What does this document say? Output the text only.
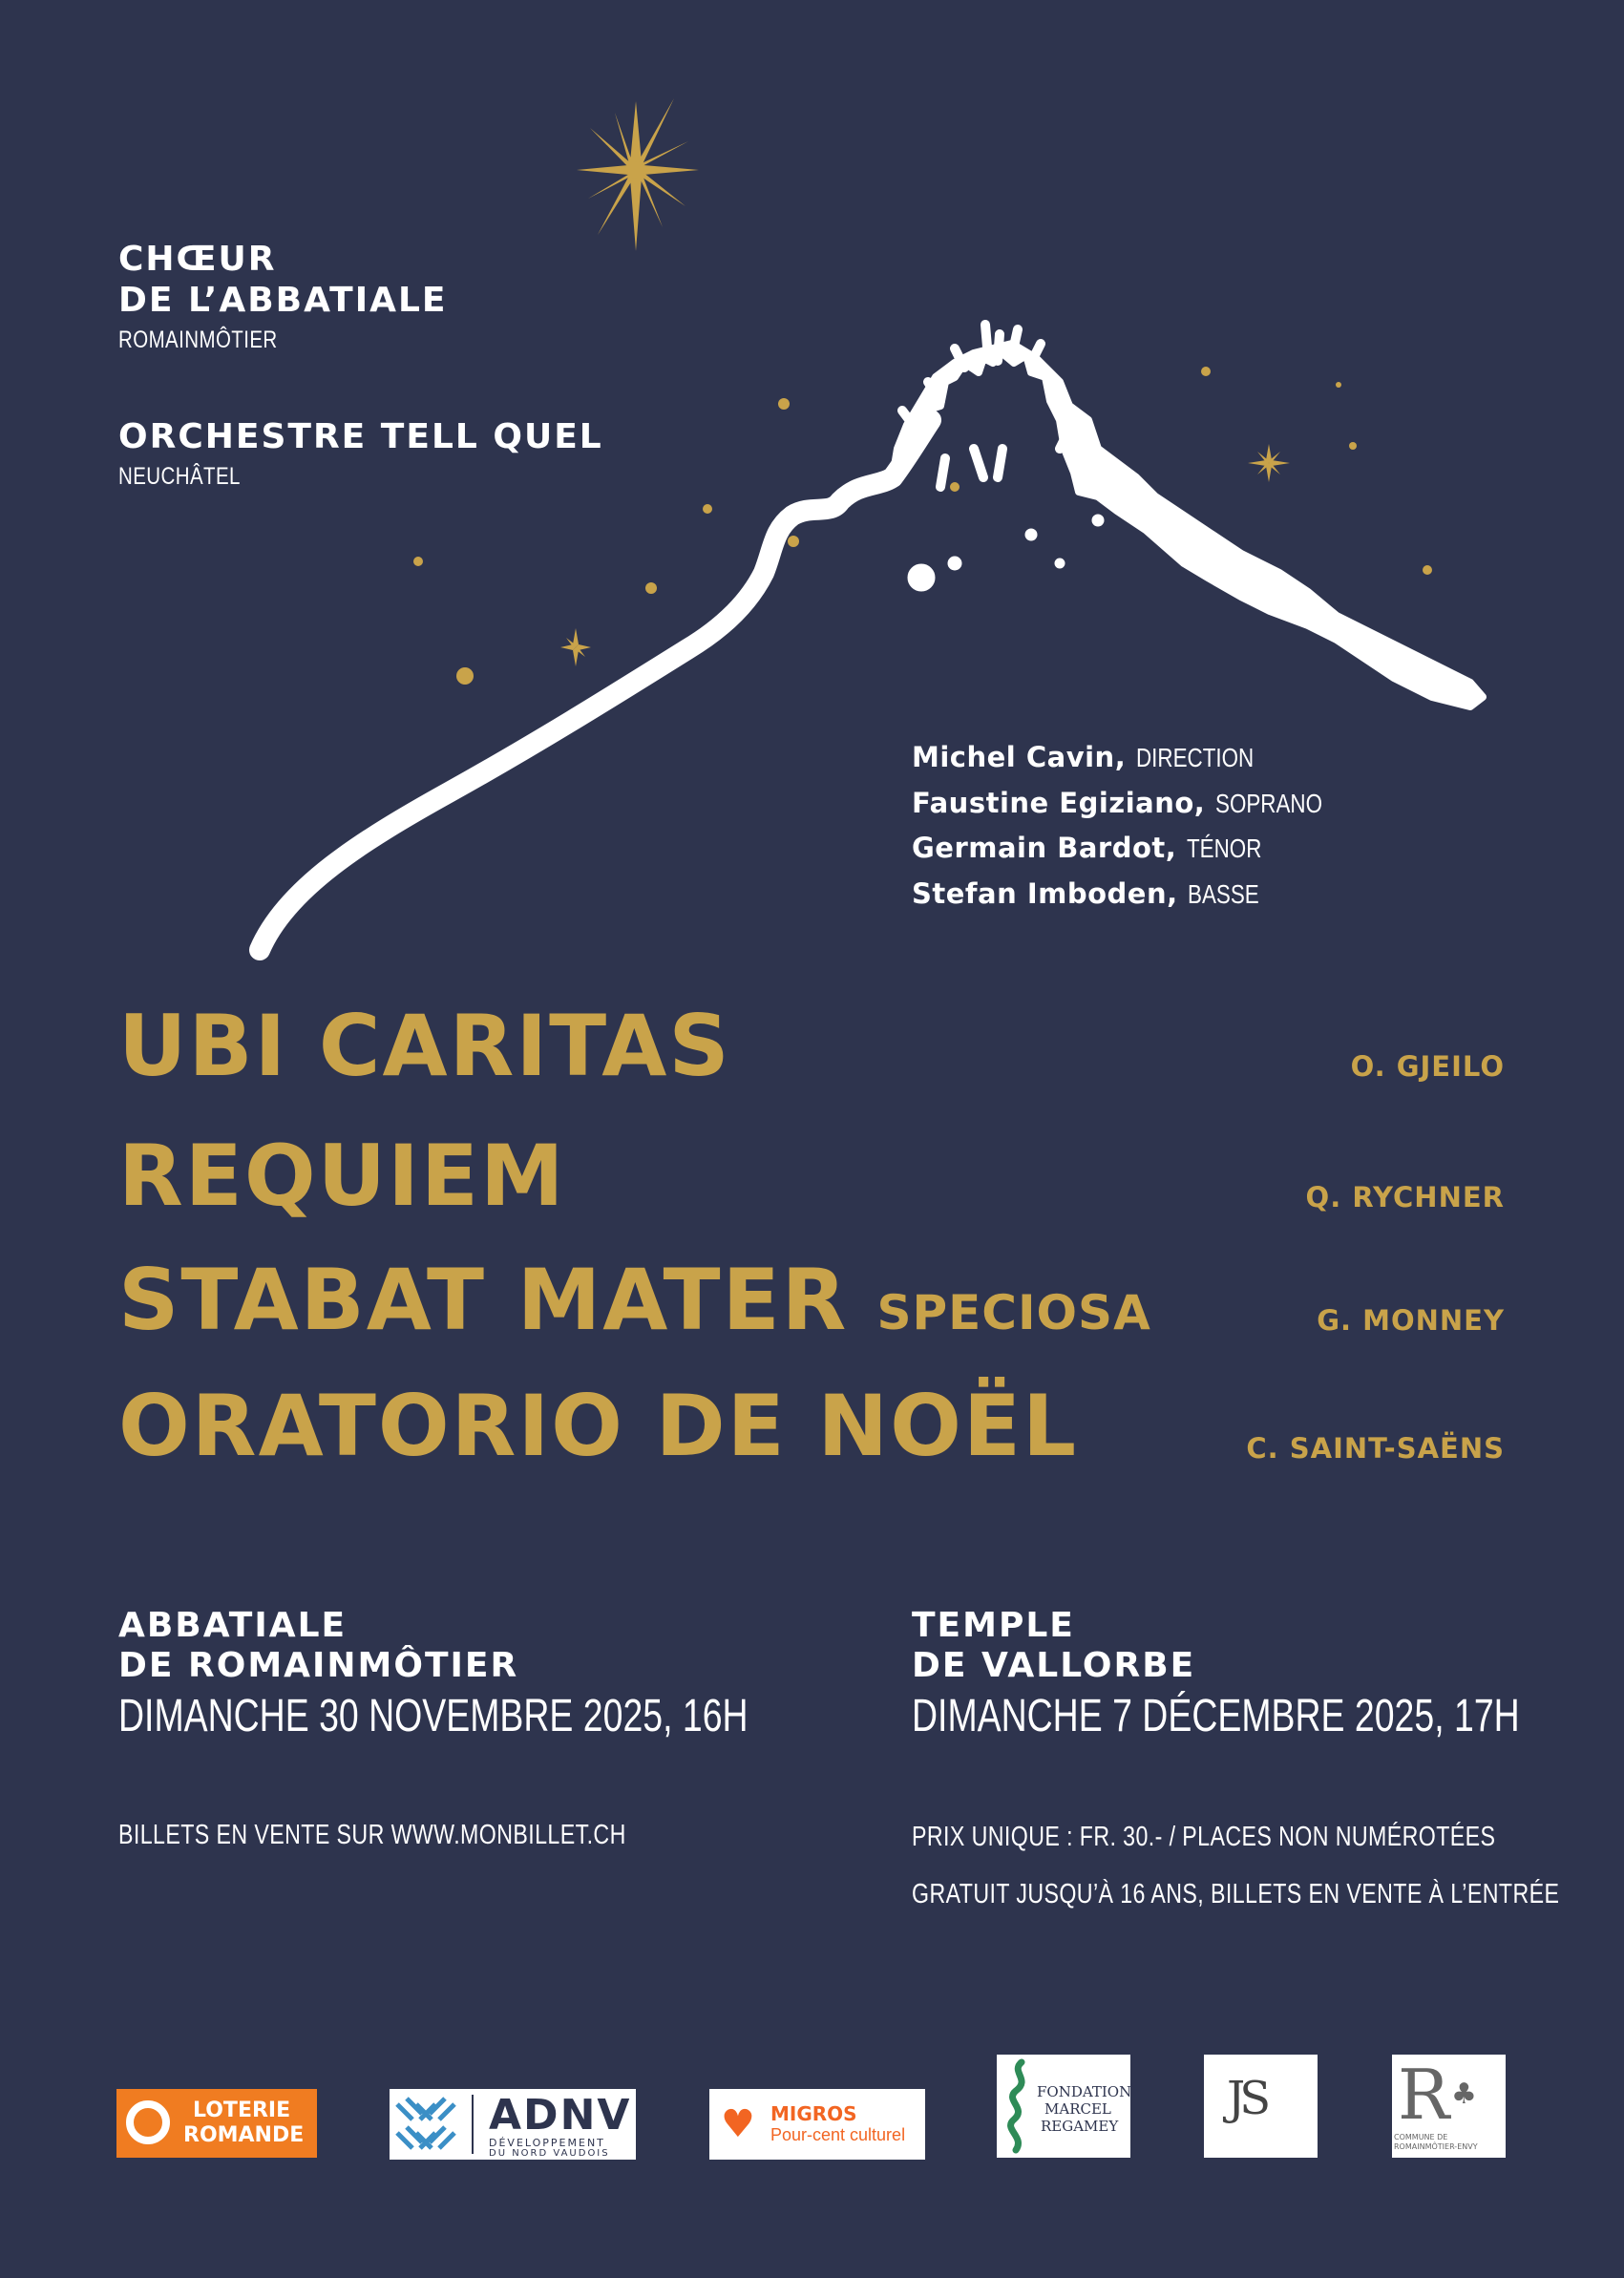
CHŒUR
DE L’ABBATIALE
ROMAINMÔTIER
ORCHESTRE TELL QUEL
NEUCHÂTEL
Michel Cavin, DIRECTION
Faustine Egiziano, SOPRANO
Germain Bardot, TÉNOR
Stefan Imboden, BASSE
UBI CARITAS	O. GJEILO
REQUIEM	Q. RYCHNER
STABAT MATER SPECIOSA	G. MONNEY
ORATORIO DE NOËL	C. SAINT-SAËNS
ABBATIALE
DE ROMAINMÔTIER
DIMANCHE 30 NOVEMBRE 2025, 16H
TEMPLE
DE VALLORBE
DIMANCHE 7 DÉCEMBRE 2025, 17H
BILLETS EN VENTE SUR WWW.MONBILLET.CH	PRIX UNIQUE : FR. 30.- / PLACES NON NUMÉROTÉES
GRATUIT JUSQU’À 16 ANS, BILLETS EN VENTE À L’ENTRÉE
LOTERIE
ROMANDE	ADNV
DÉVELOPPEMENT
DU NORD VAUDOIS
♥ MIGROS
Pour-cent culturel
FONDATION
MARCEL
REGAMEY
JS R ♣
COMMUNE DE ROMAINMÔTIER-ENVY
